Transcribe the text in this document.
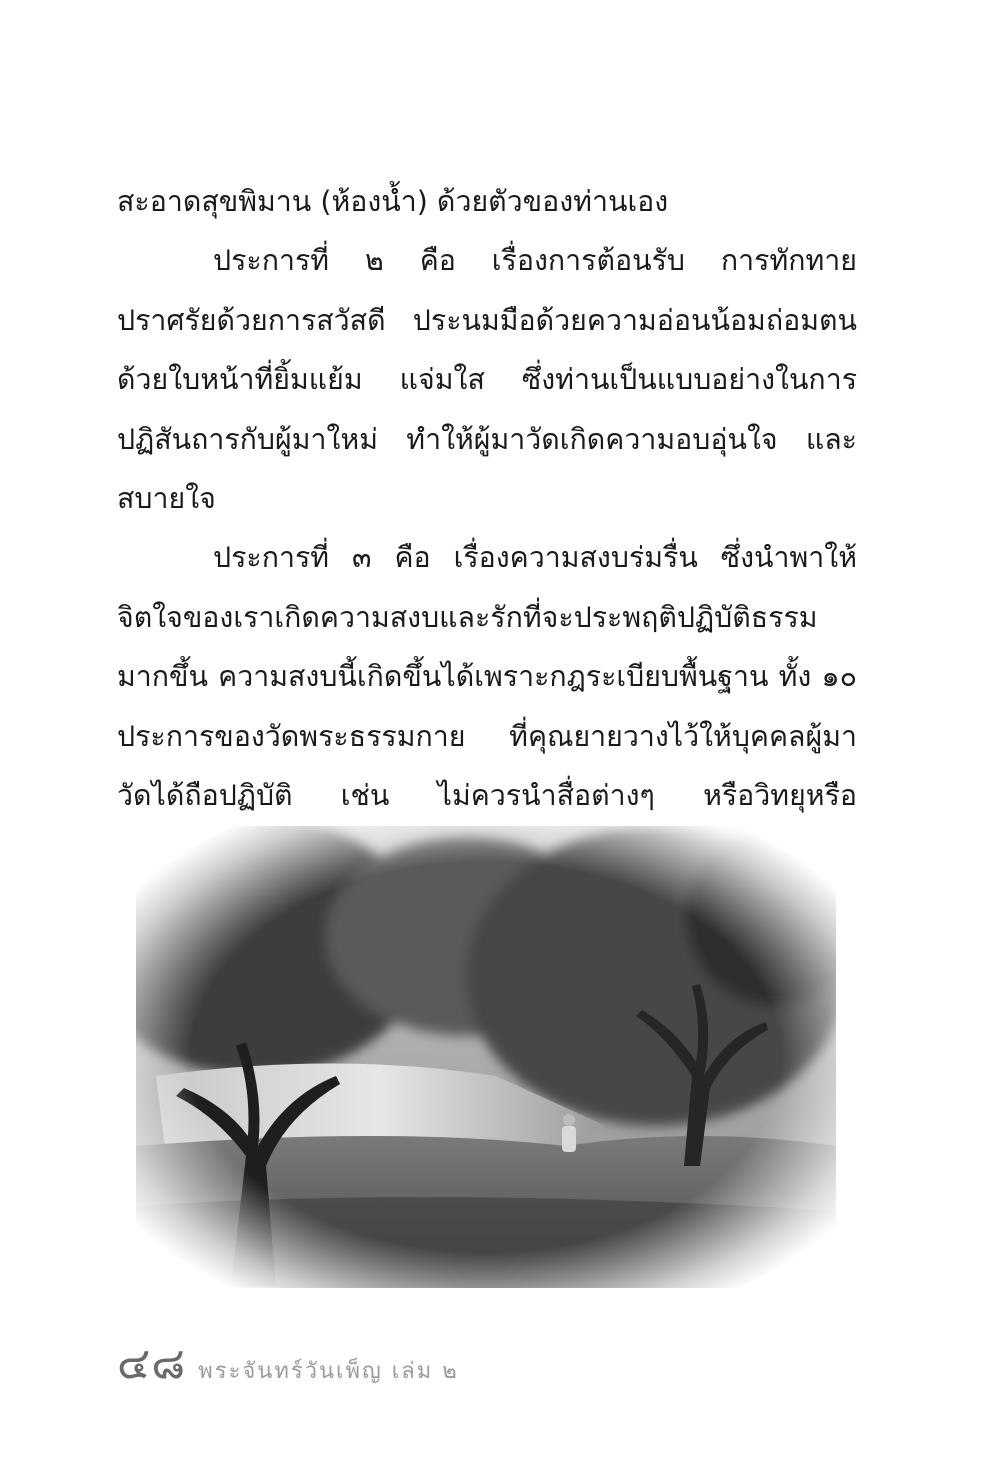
สะอาดสุขพิมาน (ห้องน้ำ) ด้วยตัวของท่านเอง
ประการที่ ๒ คือ เรื่องการต้อนรับ การทักทาย
ปราศรัยด้วยการสวัสดี ประนมมือด้วยความอ่อนน้อมถ่อมตน
ด้วยใบหน้าที่ยิ้มแย้ม แจ่มใส ซึ่งท่านเป็นแบบอย่างในการ
ปฏิสันถารกับผู้มาใหม่ ทำให้ผู้มาวัดเกิดความอบอุ่นใจ และ
สบายใจ
ประการที่ ๓ คือ เรื่องความสงบร่มรื่น ซึ่งนำพาให้
จิตใจของเราเกิดความสงบและรักที่จะประพฤติปฏิบัติธรรม
มากขึ้น ความสงบนี้เกิดขึ้นได้เพราะกฎระเบียบพื้นฐาน ทั้ง ๑๐
ประการของวัดพระธรรมกาย ที่คุณยายวางไว้ให้บุคคลผู้มา
วัดได้ถือปฏิบัติ เช่น ไม่ควรนำสื่อต่างๆ หรือวิทยุหรือ
๔๘ พระจันทร์วันเพ็ญ เล่ม ๒
